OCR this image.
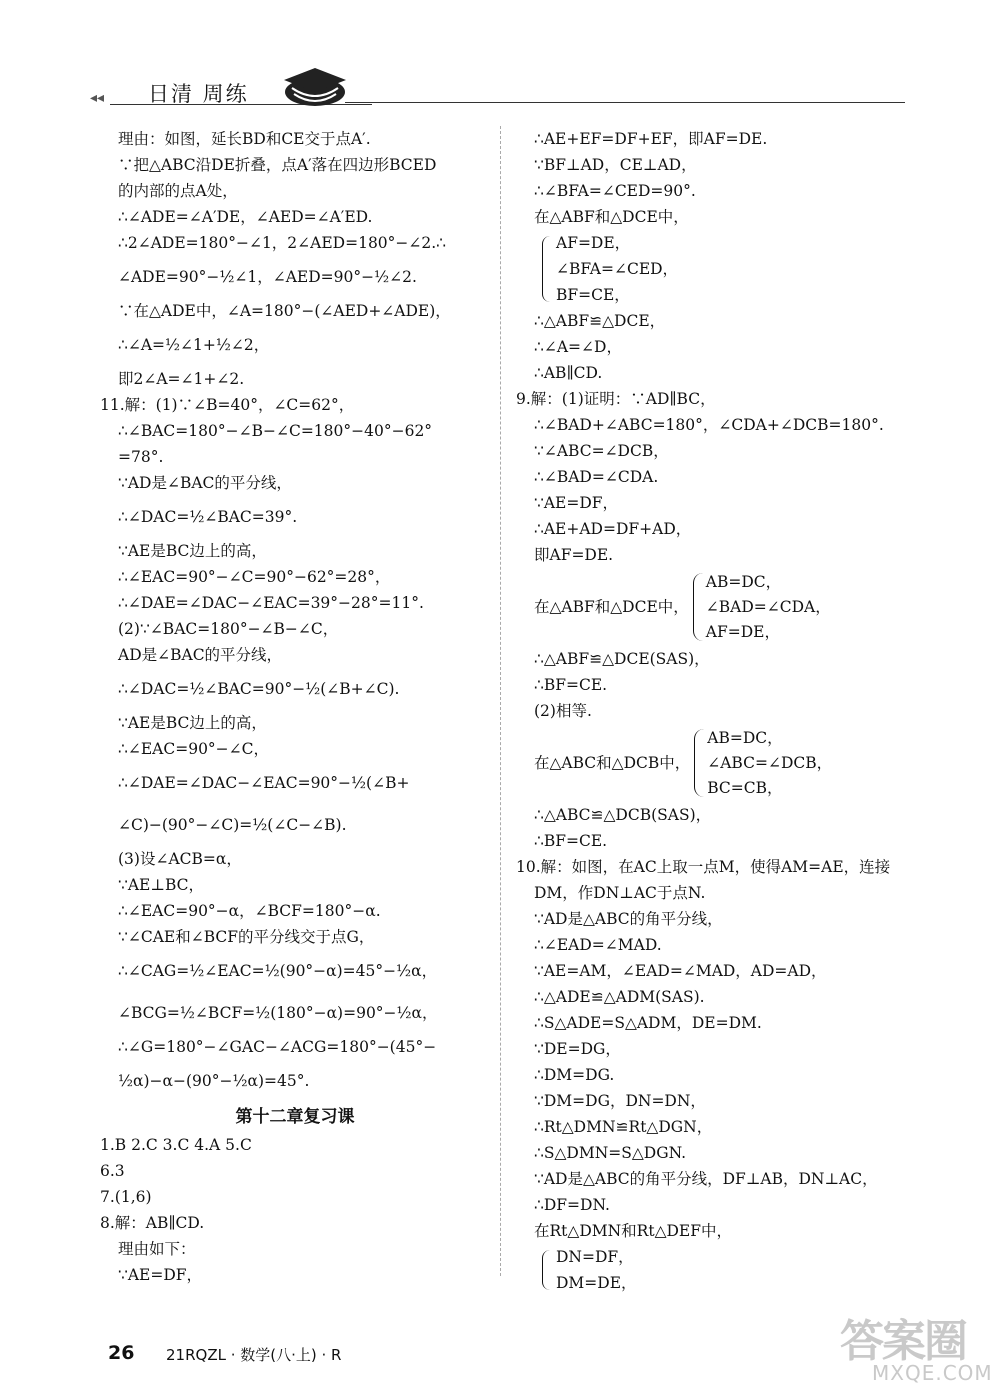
◂◂ 日清 周练
理由：如图，延长BD和CE交于点A′.
∵把△ABC沿DE折叠，点A′落在四边形BCED
的内部的点A处，
∴∠ADE=∠A′DE，∠AED=∠A′ED.
∴2∠ADE=180°−∠1，2∠AED=180°−∠2.∴
∠ADE=90°−½∠1，∠AED=90°−½∠2.
∵在△ADE中，∠A=180°−(∠AED+∠ADE)，
∴∠A=½∠1+½∠2，
即2∠A=∠1+∠2.
11.解：(1)∵∠B=40°，∠C=62°，
∴∠BAC=180°−∠B−∠C=180°−40°−62°
=78°.
∵AD是∠BAC的平分线，
∴∠DAC=½∠BAC=39°.
∵AE是BC边上的高，
∴∠EAC=90°−∠C=90°−62°=28°，
∴∠DAE=∠DAC−∠EAC=39°−28°=11°.
(2)∵∠BAC=180°−∠B−∠C，
AD是∠BAC的平分线，
∴∠DAC=½∠BAC=90°−½(∠B+∠C).
∵AE是BC边上的高，
∴∠EAC=90°−∠C，
∴∠DAE=∠DAC−∠EAC=90°−½(∠B+
∠C)−(90°−∠C)=½(∠C−∠B).
(3)设∠ACB=α，
∵AE⊥BC，
∴∠EAC=90°−α，∠BCF=180°−α.
∵∠CAE和∠BCF的平分线交于点G，
∴∠CAG=½∠EAC=½(90°−α)=45°−½α，
∠BCG=½∠BCF=½(180°−α)=90°−½α，
∴∠G=180°−∠GAC−∠ACG=180°−(45°−
½α)−α−(90°−½α)=45°.
第十二章复习课
1.B 2.C 3.C 4.A 5.C
6.3
7.(1,6)
8.解：AB∥CD.
理由如下：
∵AE=DF，
∴AE+EF=DF+EF，即AF=DE.
∵BF⊥AD，CE⊥AD，
∴∠BFA=∠CED=90°.
在△ABF和△DCE中，
AF=DE，
∠BFA=∠CED，
BF=CE，
∴△ABF≌△DCE，
∴∠A=∠D，
∴AB∥CD.
9.解：(1)证明：∵AD∥BC，
∴∠BAD+∠ABC=180°，∠CDA+∠DCB=180°.
∵∠ABC=∠DCB，
∴∠BAD=∠CDA.
∵AE=DF，
∴AE+AD=DF+AD，
即AF=DE.
在△ABF和△DCE中，
AB=DC，
∠BAD=∠CDA，
AF=DE，
∴△ABF≌△DCE(SAS)，
∴BF=CE.
(2)相等.
在△ABC和△DCB中，
AB=DC，
∠ABC=∠DCB，
BC=CB，
∴△ABC≌△DCB(SAS)，
∴BF=CE.
10.解：如图，在AC上取一点M，使得AM=AE，连接
DM，作DN⊥AC于点N.
∵AD是△ABC的角平分线，
∴∠EAD=∠MAD.
∵AE=AM，∠EAD=∠MAD，AD=AD，
∴△ADE≌△ADM(SAS).
∴S△ADE=S△ADM，DE=DM.
∵DE=DG，
∴DM=DG.
∵DM=DG，DN=DN，
∴Rt△DMN≌Rt△DGN，
∴S△DMN=S△DGN.
∵AD是△ABC的角平分线，DF⊥AB，DN⊥AC，
∴DF=DN.
在Rt△DMN和Rt△DEF中，
DN=DF，
DM=DE，
26 21RQZL · 数学(八·上) · R	答案圈
MXQE.COM
